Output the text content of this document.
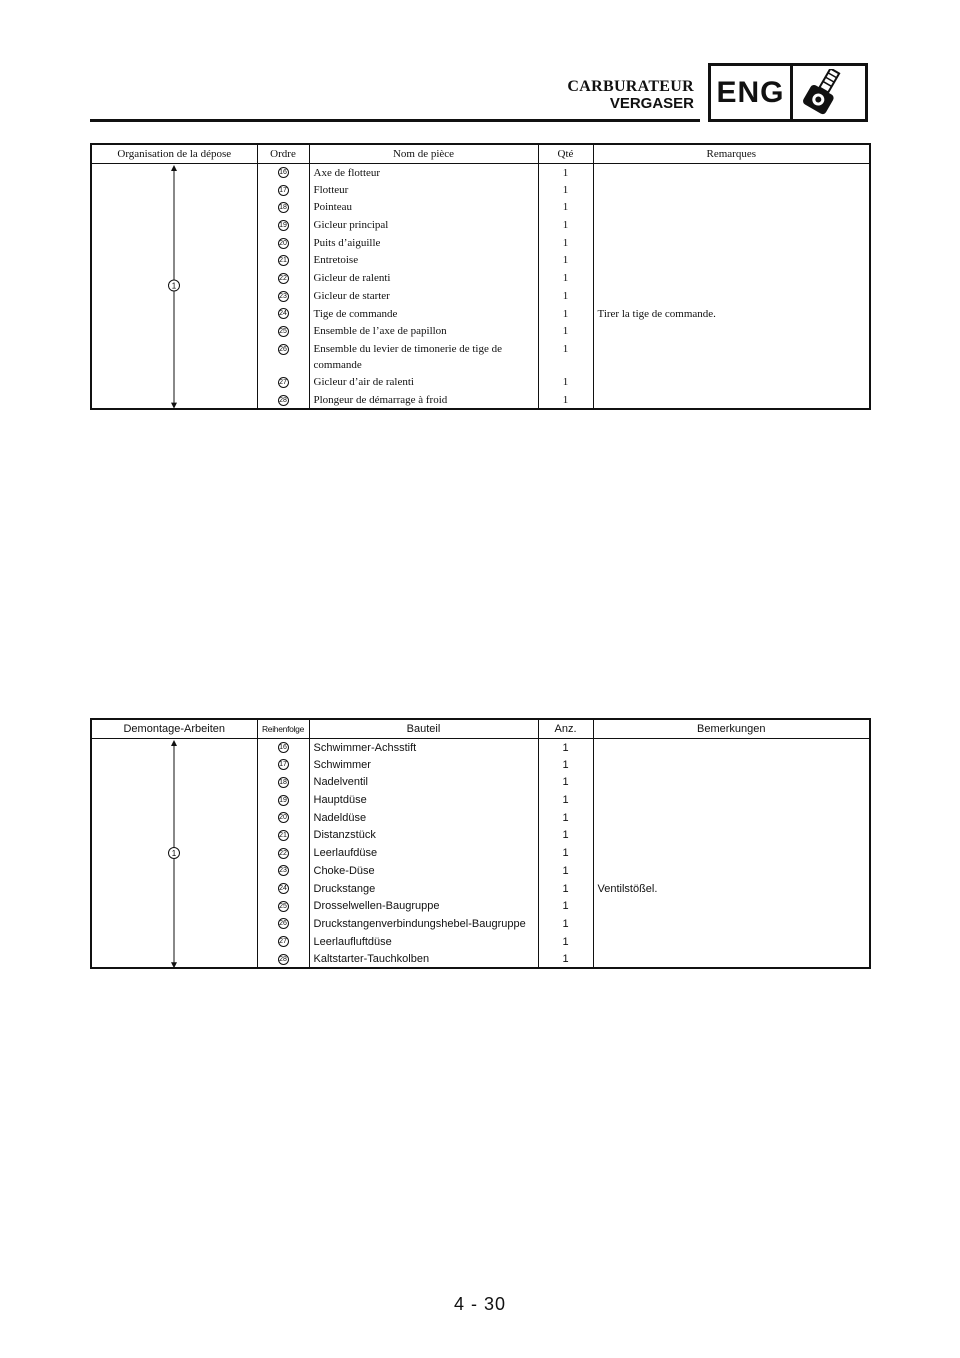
CARBURATEUR
VERGASER ENG
Organisation de la dépose	Ordre	Nom de pièce	Qté	Remarques

1	16	Axe de flotteur	1	
	17	Flotteur	1	
	18	Pointeau	1	
	19	Gicleur principal	1	
	20	Puits d’aiguille	1	
	21	Entretoise	1	
	22	Gicleur de ralenti	1	
	23	Gicleur de starter	1	
	24	Tige de commande	1	Tirer la tige de commande.
	25	Ensemble de l’axe de papillon	1	
	26	Ensemble du levier de timonerie de tige de commande	1	
	27	Gicleur d’air de ralenti	1	
	28	Plongeur de démarrage à froid	1	
Demontage-Arbeiten	Reihenfolge	Bauteil	Anz.	Bemerkungen

1	16	Schwimmer-Achsstift	1	
	17	Schwimmer	1	
	18	Nadelventil	1	
	19	Hauptdüse	1	
	20	Nadeldüse	1	
	21	Distanzstück	1	
	22	Leerlaufdüse	1	
	23	Choke-Düse	1	
	24	Druckstange	1	Ventilstößel.
	25	Drosselwellen-Baugruppe	1	
	26	Druckstangenverbindungshebel-Baugruppe	1	
	27	Leerlaufluftdüse	1	
	28	Kaltstarter-Tauchkolben	1	
4 - 30
